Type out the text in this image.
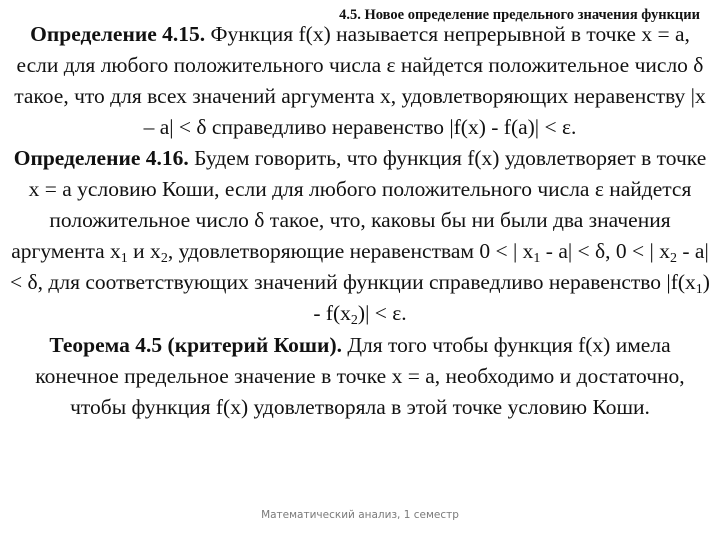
4.5. Новое определение предельного значения функции

Определение 4.15. Функция f(x) называется непрерывной в точке x = a, если для любого положительного числа ε найдется положительное число δ такое, что для всех значений аргумента x, удовлетворяющих неравенству |x – a| < δ справедливо неравенство |f(x) - f(a)| < ε.

Определение 4.16. Будем говорить, что функция f(x) удовлетворяет в точке x = a условию Коши, если для любого положительного числа ε найдется положительное число δ такое, что, каковы бы ни были два значения аргумента $x_1$ и $x_2$, удовлетворяющие неравенствам 0 < | $x_1 - a| < \delta$, 0 < | $x_2 - a| < \delta$, для соответствующих значений функции справедливо неравенство $|f(x_1) - f(x_2)| < \varepsilon$.

Теорема 4.5 (критерий Коши). Для того чтобы функция f(x) имела конечное предельное значение в точке x = a, необходимо и достаточно, чтобы функция f(x) удовлетворяла в этой точке условию Коши.

Математический анализ, 1 семестр
